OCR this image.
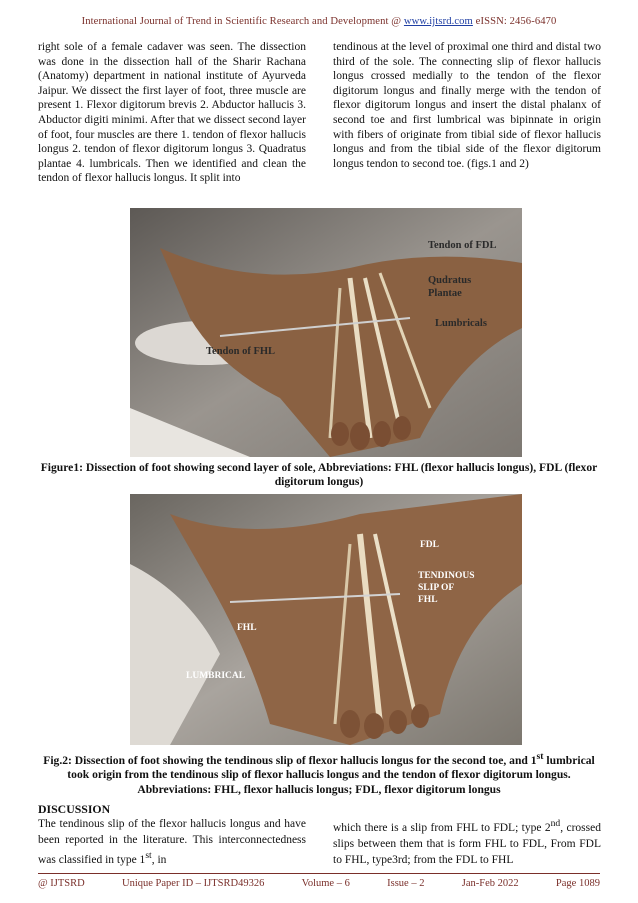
International Journal of Trend in Scientific Research and Development @ www.ijtsrd.com eISSN: 2456-6470
right sole of a female cadaver was seen. The dissection was done in the dissection hall of the Sharir Rachana (Anatomy) department in national institute of Ayurveda Jaipur. We dissect the first layer of foot, three muscle are present 1. Flexor digitorum brevis 2. Abductor hallucis 3. Abductor digiti minimi. After that we dissect second layer of foot, four muscles are there 1. tendon of flexor hallucis longus 2. tendon of flexor digitorum longus 3. Quadratus plantae 4. lumbricals. Then we identified and clean the tendon of flexor hallucis longus. It split into
tendinous at the level of proximal one third and distal two third of the sole. The connecting slip of flexor hallucis longus crossed medially to the tendon of the flexor digitorum longus and finally merge with the tendon of flexor digitorum longus and insert the distal phalanx of second toe and first lumbrical was bipinnate in origin with fibers of originate from tibial side of flexor hallucis longus and from the tibial side of the flexor digitorum longus tendon to second toe. (figs.1 and 2)
Tendon of FDL
Qudratus
Plantae
Lumbricals
Tendon of FHL
Figure1: Dissection of foot showing second layer of sole, Abbreviations: FHL (flexor hallucis longus), FDL (flexor digitorum longus)
FDL
TENDINOUS
SLIP OF
FHL
FHL
LUMBRICAL
Fig.2: Dissection of foot showing the tendinous slip of flexor hallucis longus for the second toe, and 1st lumbrical took origin from the tendinous slip of flexor hallucis longus and the tendon of flexor digitorum longus. Abbreviations: FHL, flexor hallucis longus; FDL, flexor digitorum longus
DISCUSSION
The tendinous slip of the flexor hallucis longus and have been reported in the literature. This interconnectedness was classified in type 1st, in
which there is a slip from FHL to FDL; type 2nd, crossed slips between them that is form FHL to FDL, From FDL to FHL, type3rd; from the FDL to FHL
@ IJTSRD	Unique Paper ID – IJTSRD49326	Volume – 6	Issue – 2	Jan-Feb 2022	Page 1089
